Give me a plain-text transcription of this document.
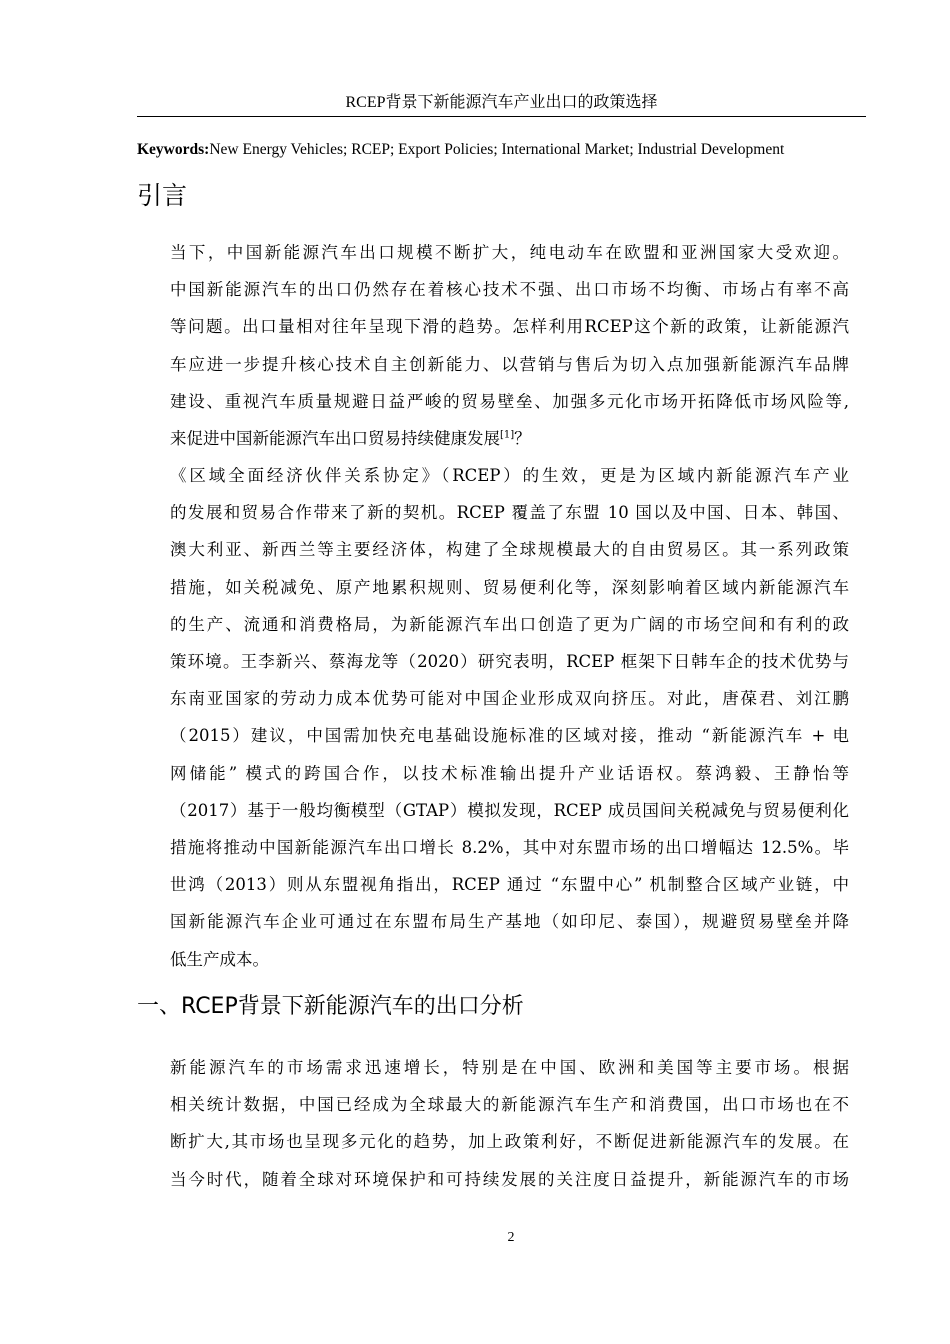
RCEP背景下新能源汽车产业出口的政策选择
Keywords:New Energy Vehicles; RCEP; Export Policies; International Market; Industrial Development
引言

当下，中国新能源汽车出口规模不断扩大，纯电动车在欧盟和亚洲国家大受欢迎。
中国新能源汽车的出口仍然存在着核心技术不强、出口市场不均衡、市场占有率不高
等问题。出口量相对往年呈现下滑的趋势。怎样利用RCEP这个新的政策，让新能源汽
车应进一步提升核心技术自主创新能力、以营销与售后为切入点加强新能源汽车品牌
建设、重视汽车质量规避日益严峻的贸易壁垒、加强多元化市场开拓降低市场风险等,
来促进中国新能源汽车出口贸易持续健康发展[1]？

《区域全面经济伙伴关系协定》（RCEP）的生效，更是为区域内新能源汽车产业
的发展和贸易合作带来了新的契机。RCEP 覆盖了东盟 10 国以及中国、日本、韩国、
澳大利亚、新西兰等主要经济体，构建了全球规模最大的自由贸易区。其一系列政策
措施，如关税减免、原产地累积规则、贸易便利化等，深刻影响着区域内新能源汽车
的生产、流通和消费格局，为新能源汽车出口创造了更为广阔的市场空间和有利的政
策环境。王李新兴、蔡海龙等（2020）研究表明，RCEP 框架下日韩车企的技术优势与
东南亚国家的劳动力成本优势可能对中国企业形成双向挤压。对此，唐葆君、刘江鹏
（2015）建议，中国需加快充电基础设施标准的区域对接，推动 “新能源汽车 + 电
网储能” 模式的跨国合作，以技术标准输出提升产业话语权。蔡鸿毅、王静怡等
（2017）基于一般均衡模型（GTAP）模拟发现，RCEP 成员国间关税减免与贸易便利化
措施将推动中国新能源汽车出口增长 8.2%，其中对东盟市场的出口增幅达 12.5%。毕
世鸿（2013）则从东盟视角指出，RCEP 通过 “东盟中心” 机制整合区域产业链，中
国新能源汽车企业可通过在东盟布局生产基地（如印尼、泰国），规避贸易壁垒并降
低生产成本。

一、RCEP背景下新能源汽车的出口分析

新能源汽车的市场需求迅速增长，特别是在中国、欧洲和美国等主要市场。根据
相关统计数据，中国已经成为全球最大的新能源汽车生产和消费国，出口市场也在不
断扩大,其市场也呈现多元化的趋势，加上政策利好，不断促进新能源汽车的发展。在
当今时代，随着全球对环境保护和可持续发展的关注度日益提升，新能源汽车的市场

2
